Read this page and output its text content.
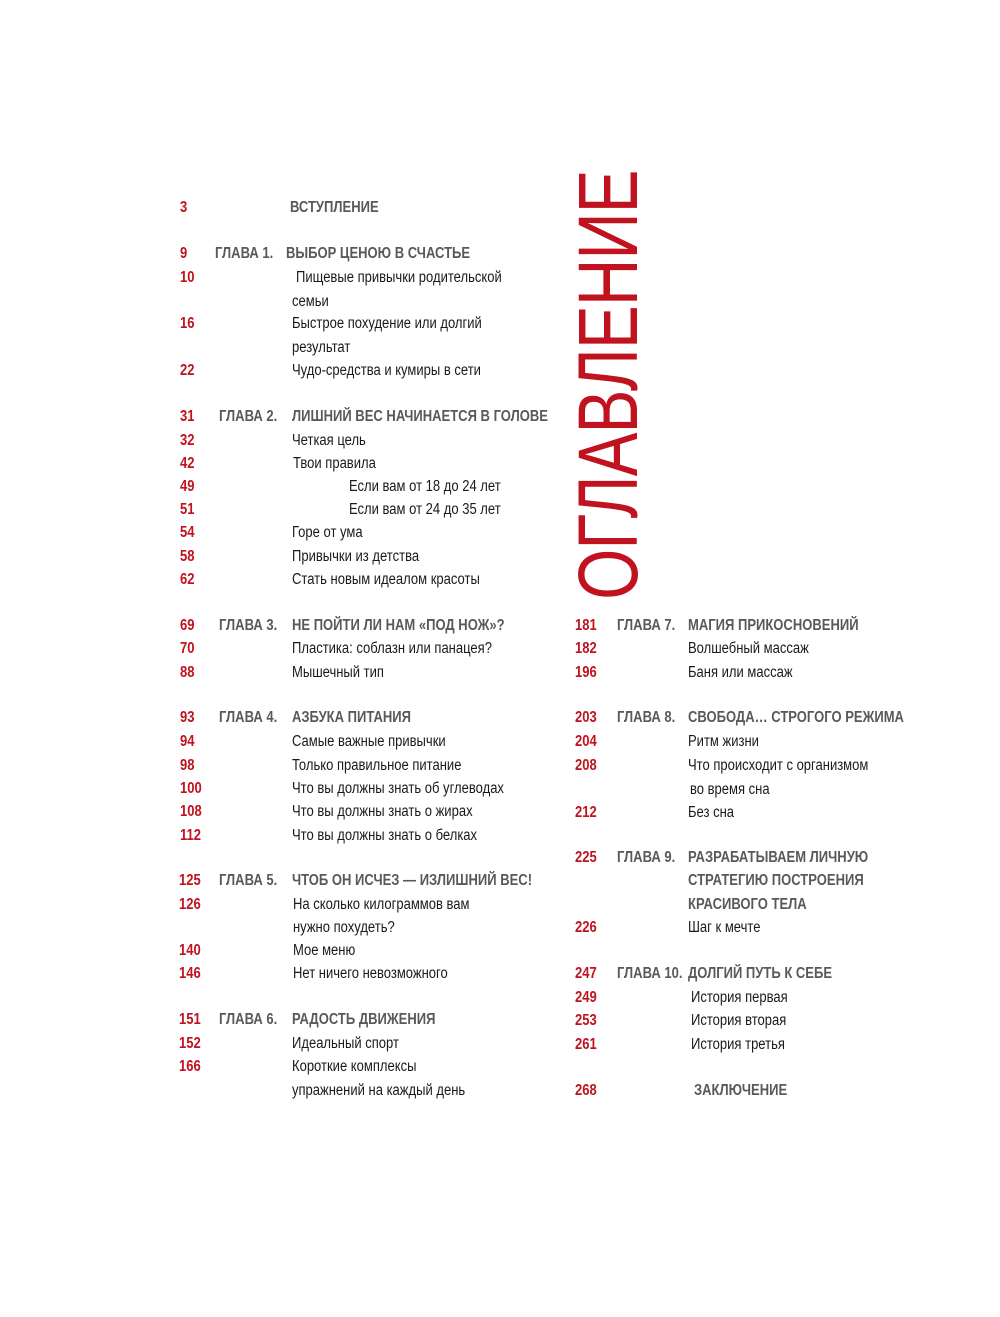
ОГЛАВЛЕНИЕ
3	ВСТУПЛЕНИЕ
9 ГЛАВА 1. ВЫБОР ЦЕНОЮ В СЧАСТЬЕ
10	Пищевые привычки родительской
семьи
16	Быстрое похудение или долгий
результат
22	Чудо-средства и кумиры в сети
31 ГЛАВА 2. ЛИШНИЙ ВЕС НАЧИНАЕТСЯ В ГОЛОВЕ
32	Четкая цель
42	Твои правила
49	Если вам от 18 до 24 лет
51	Если вам от 24 до 35 лет
54	Горе от ума
58	Привычки из детства
62	Стать новым идеалом красоты
69 ГЛАВА 3. НЕ ПОЙТИ ЛИ НАМ «ПОД НОЖ»?
70	Пластика: соблазн или панацея?
88	Мышечный тип
93 ГЛАВА 4. АЗБУКА ПИТАНИЯ
94	Самые важные привычки
98	Только правильное питание
100	Что вы должны знать об углеводах
108	Что вы должны знать о жирах
112	Что вы должны знать о белках
125 ГЛАВА 5. ЧТОБ ОН ИСЧЕЗ — ИЗЛИШНИЙ ВЕС!
126	На сколько килограммов вам
нужно похудеть?
140	Мое меню
146	Нет ничего невозможного
151 ГЛАВА 6. РАДОСТЬ ДВИЖЕНИЯ
152	Идеальный спорт
166	Короткие комплексы
упражнений на каждый день
181 ГЛАВА 7. МАГИЯ ПРИКОСНОВЕНИЙ
182	Волшебный массаж
196	Баня или массаж
203 ГЛАВА 8. СВОБОДА… СТРОГОГО РЕЖИМА
204	Ритм жизни
208	Что происходит с организмом
во время сна
212	Без сна
225 ГЛАВА 9. РАЗРАБАТЫВАЕМ ЛИЧНУЮ
СТРАТЕГИЮ ПОСТРОЕНИЯ
КРАСИВОГО ТЕЛА
226	Шаг к мечте
247 ГЛАВА 10. ДОЛГИЙ ПУТЬ К СЕБЕ
249	История первая
253	История вторая
261	История третья
268	ЗАКЛЮЧЕНИЕ
